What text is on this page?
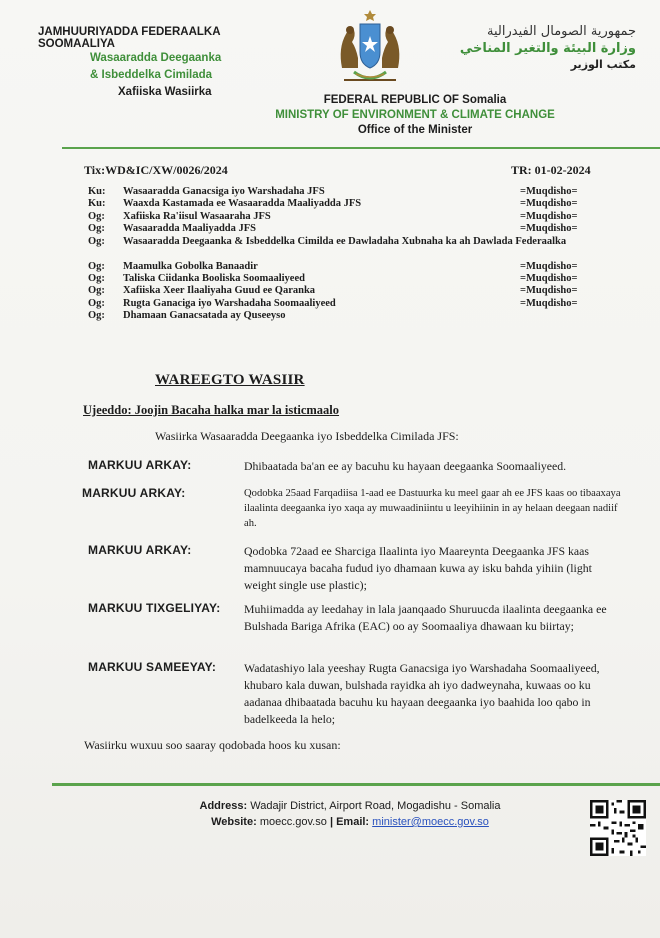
JAMHUURIYADDA FEDERAALKA SOOMAALIYA
Wasaaradda Deegaanka
& Isbeddelka Cimilada
Xafiiska Wasiirka
جمهورية الصومال الفيدرالية
وزارة البيئة والتغير المناخي
مكتب الوزير
FEDERAL REPUBLIC OF Somalia
MINISTRY OF ENVIRONMENT & CLIMATE CHANGE
Office of the Minister
Tix:WD&IC/XW/0026/2024	TR: 01-02-2024
Ku:	Wasaaradda Ganacsiga iyo Warshadaha JFS	=Muqdisho=
Ku:	Waaxda Kastamada ee Wasaaradda Maaliyadda JFS	=Muqdisho=
Og:	Xafiiska Ra'iisul Wasaaraha JFS	=Muqdisho=
Og:	Wasaaradda Maaliyadda JFS	=Muqdisho=
Og:	Wasaaradda Deegaanka & Isbeddelka Cimilda ee Dawladaha Xubnaha ka ah Dawlada Federaalka
Og:	Maamulka Gobolka Banaadir	=Muqdisho=
Og:	Taliska Ciidanka Booliska Soomaaliyeed	=Muqdisho=
Og:	Xafiiska Xeer Ilaaliyaha Guud ee Qaranka	=Muqdisho=
Og:	Rugta Ganaciga iyo Warshadaha Soomaaliyeed	=Muqdisho=
Og:	Dhamaan Ganacsatada ay Quseeyso
WAREEGTO WASIIR
Ujeeddo: Joojin Bacaha halka mar la isticmaalo
Wasiirka Wasaaradda Deegaanka iyo Isbeddelka Cimilada JFS:
MARKUU ARKAY:	Dhibaatada ba'an ee ay bacuhu ku hayaan deegaanka Soomaaliyeed.
MARKUU ARKAY:	Qodobka 25aad Farqadiisa 1-aad ee Dastuurka ku meel gaar ah ee JFS kaas oo tibaaxaya ilaalinta deegaanka iyo xaqa ay muwaadiniintu u leeyihiinin in ay helaan deegaan nadiif ah.
MARKUU ARKAY:	Qodobka 72aad ee Sharciga Ilaalinta iyo Maareynta Deegaanka JFS kaas mamnuucaya bacaha fudud iyo dhamaan kuwa ay isku bahda yihiin (light weight single use plastic);
MARKUU TIXGELIYAY: Muhiimadda ay leedahay in lala jaanqaado Shuruucda ilaalinta deegaanka ee Bulshada Bariga Afrika (EAC) oo ay Soomaaliya dhawaan ku biirtay;
MARKUU SAMEEYAY: Wadatashiyo lala yeeshay Rugta Ganacsiga iyo Warshadaha Soomaaliyeed, khubaro kala duwan, bulshada rayidka ah iyo dadweynaha, kuwaas oo ku aadanaa dhibaatada bacuhu ku hayaan deegaanka iyo baahida loo qabo in badelkeeda la helo;
Wasiirku wuxuu soo saaray qodobada hoos ku xusan:
Address: Wadajir District, Airport Road, Mogadishu - Somalia
Website: moecc.gov.so | Email: minister@moecc.gov.so
